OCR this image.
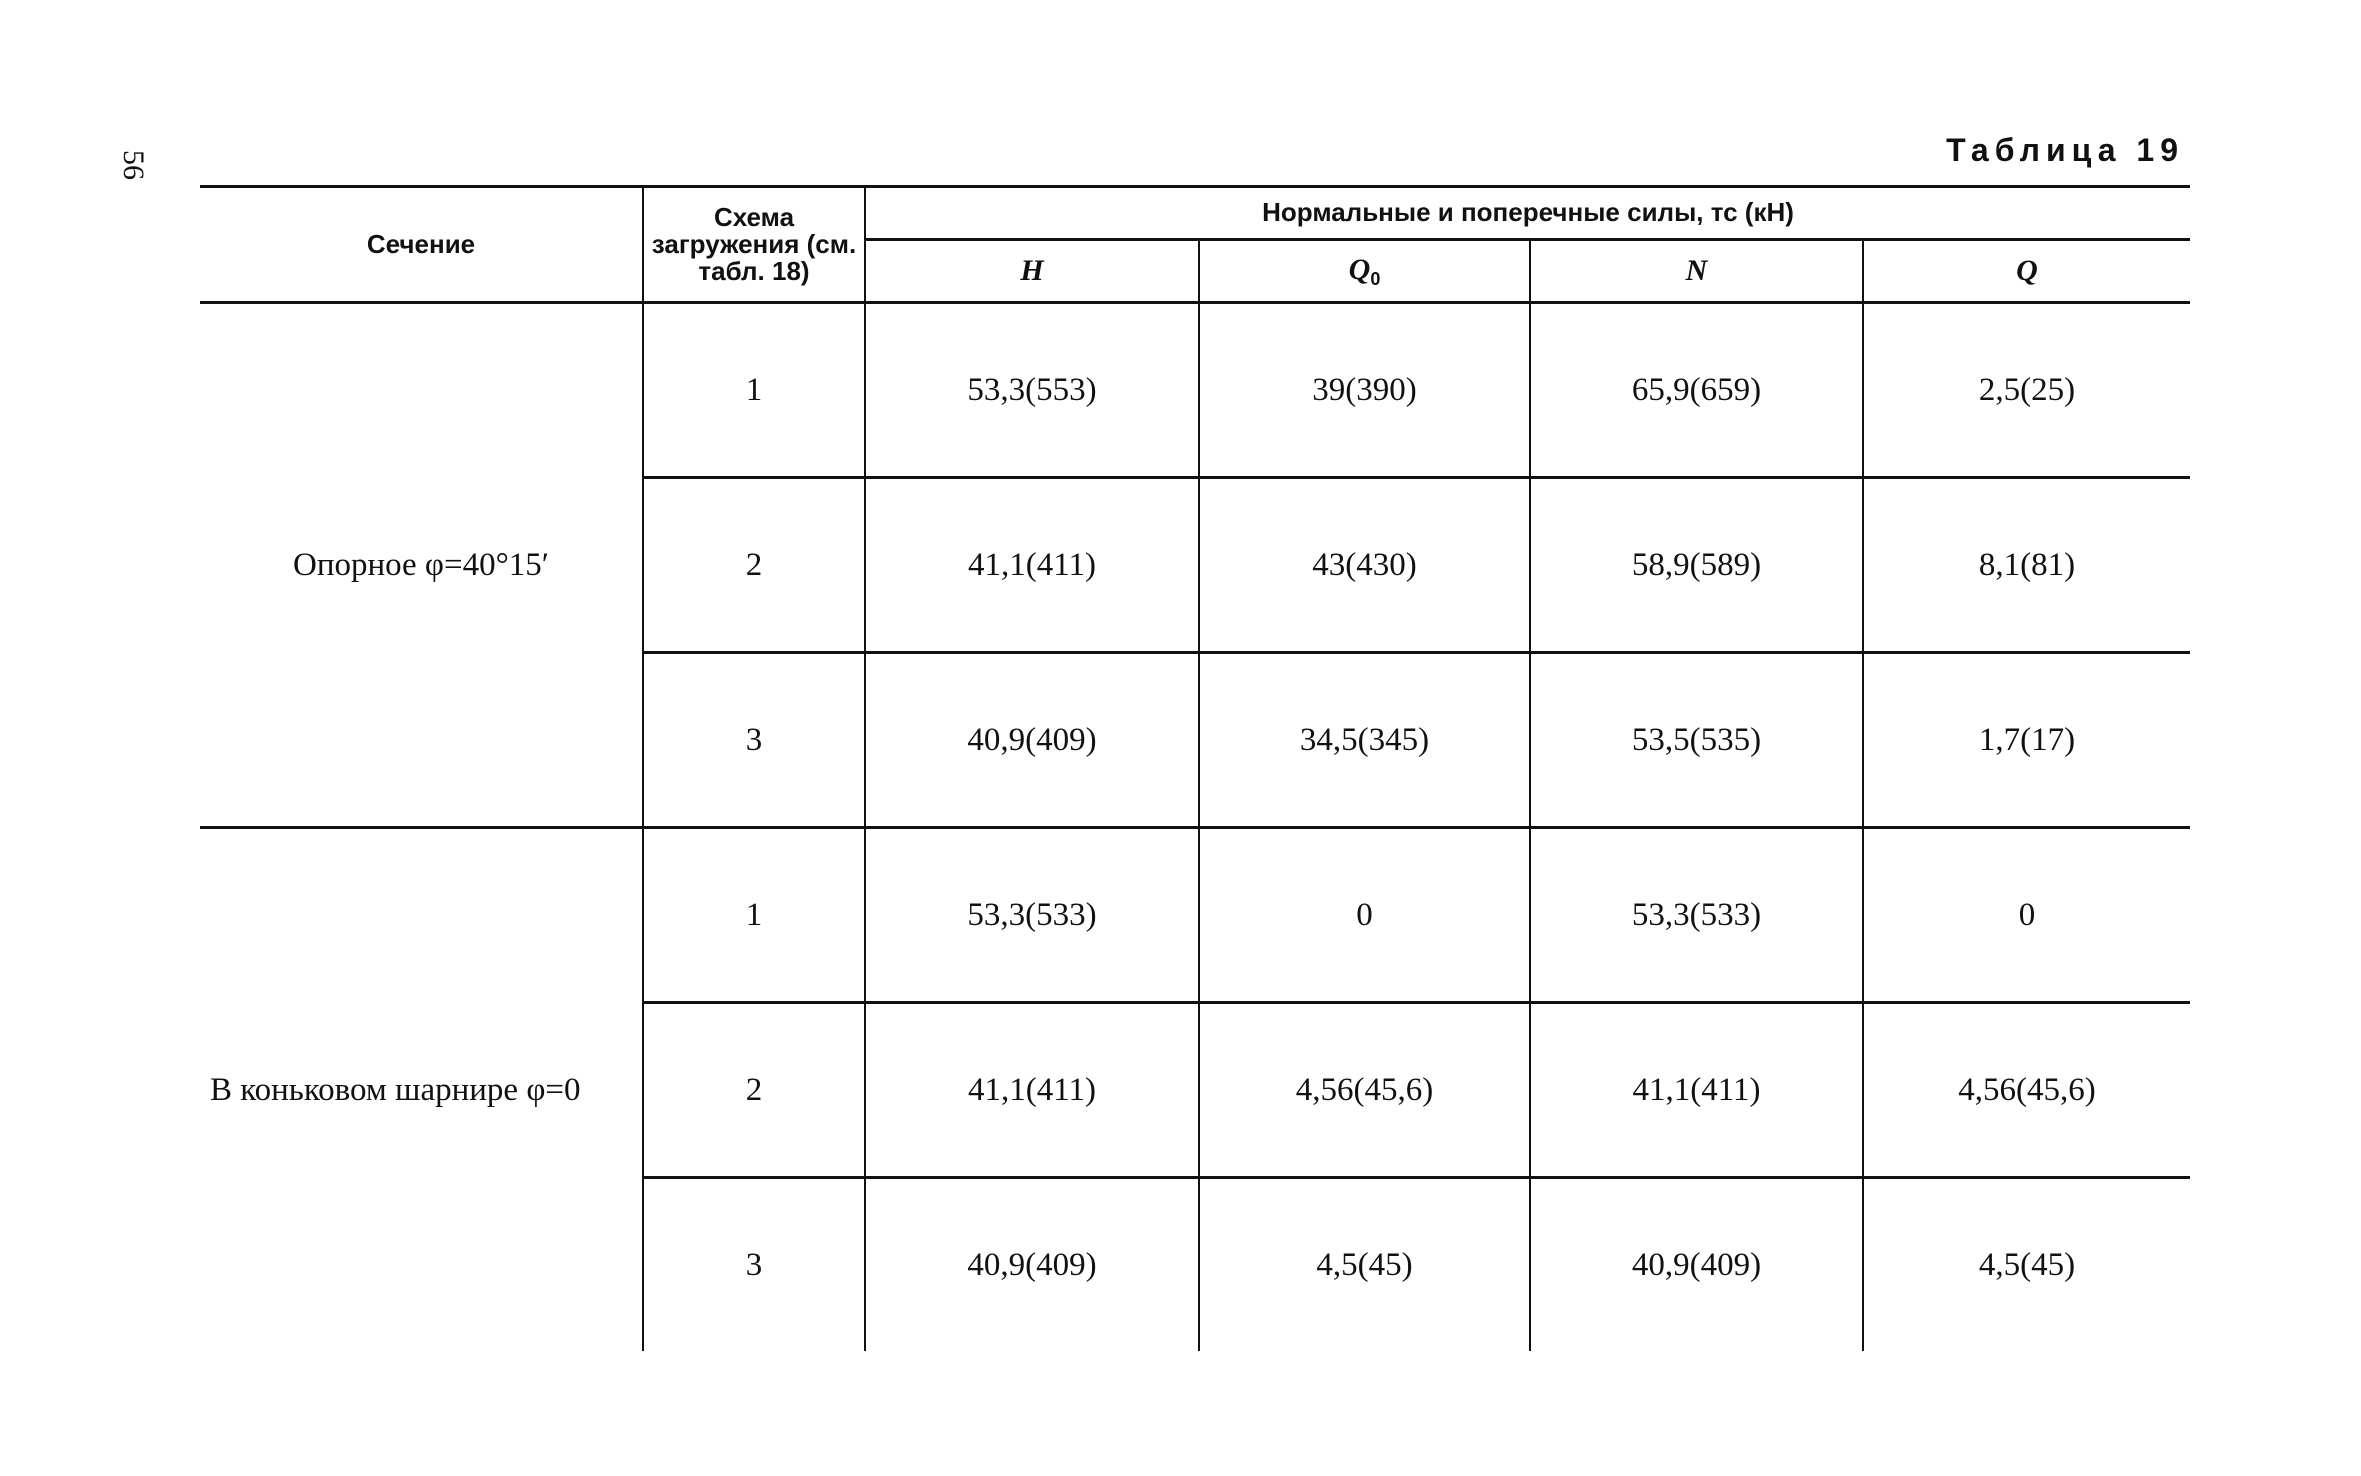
56	Таблица 19
Сечение	Схема загружения (см. табл. 18)	Нормальные и поперечные силы, тс (кН)			
		H	$Q_0$	N	Q
Опорное φ=40°15′	1	53,3(553)	39(390)	65,9(659)	2,5(25)
	2	41,1(411)	43(430)	58,9(589)	8,1(81)
	3	40,9(409)	34,5(345)	53,5(535)	1,7(17)
В коньковом шарнире φ=0	1	53,3(533)	0	53,3(533)	0
	2	41,1(411)	4,56(45,6)	41,1(411)	4,56(45,6)
	3	40,9(409)	4,5(45)	40,9(409)	4,5(45)
